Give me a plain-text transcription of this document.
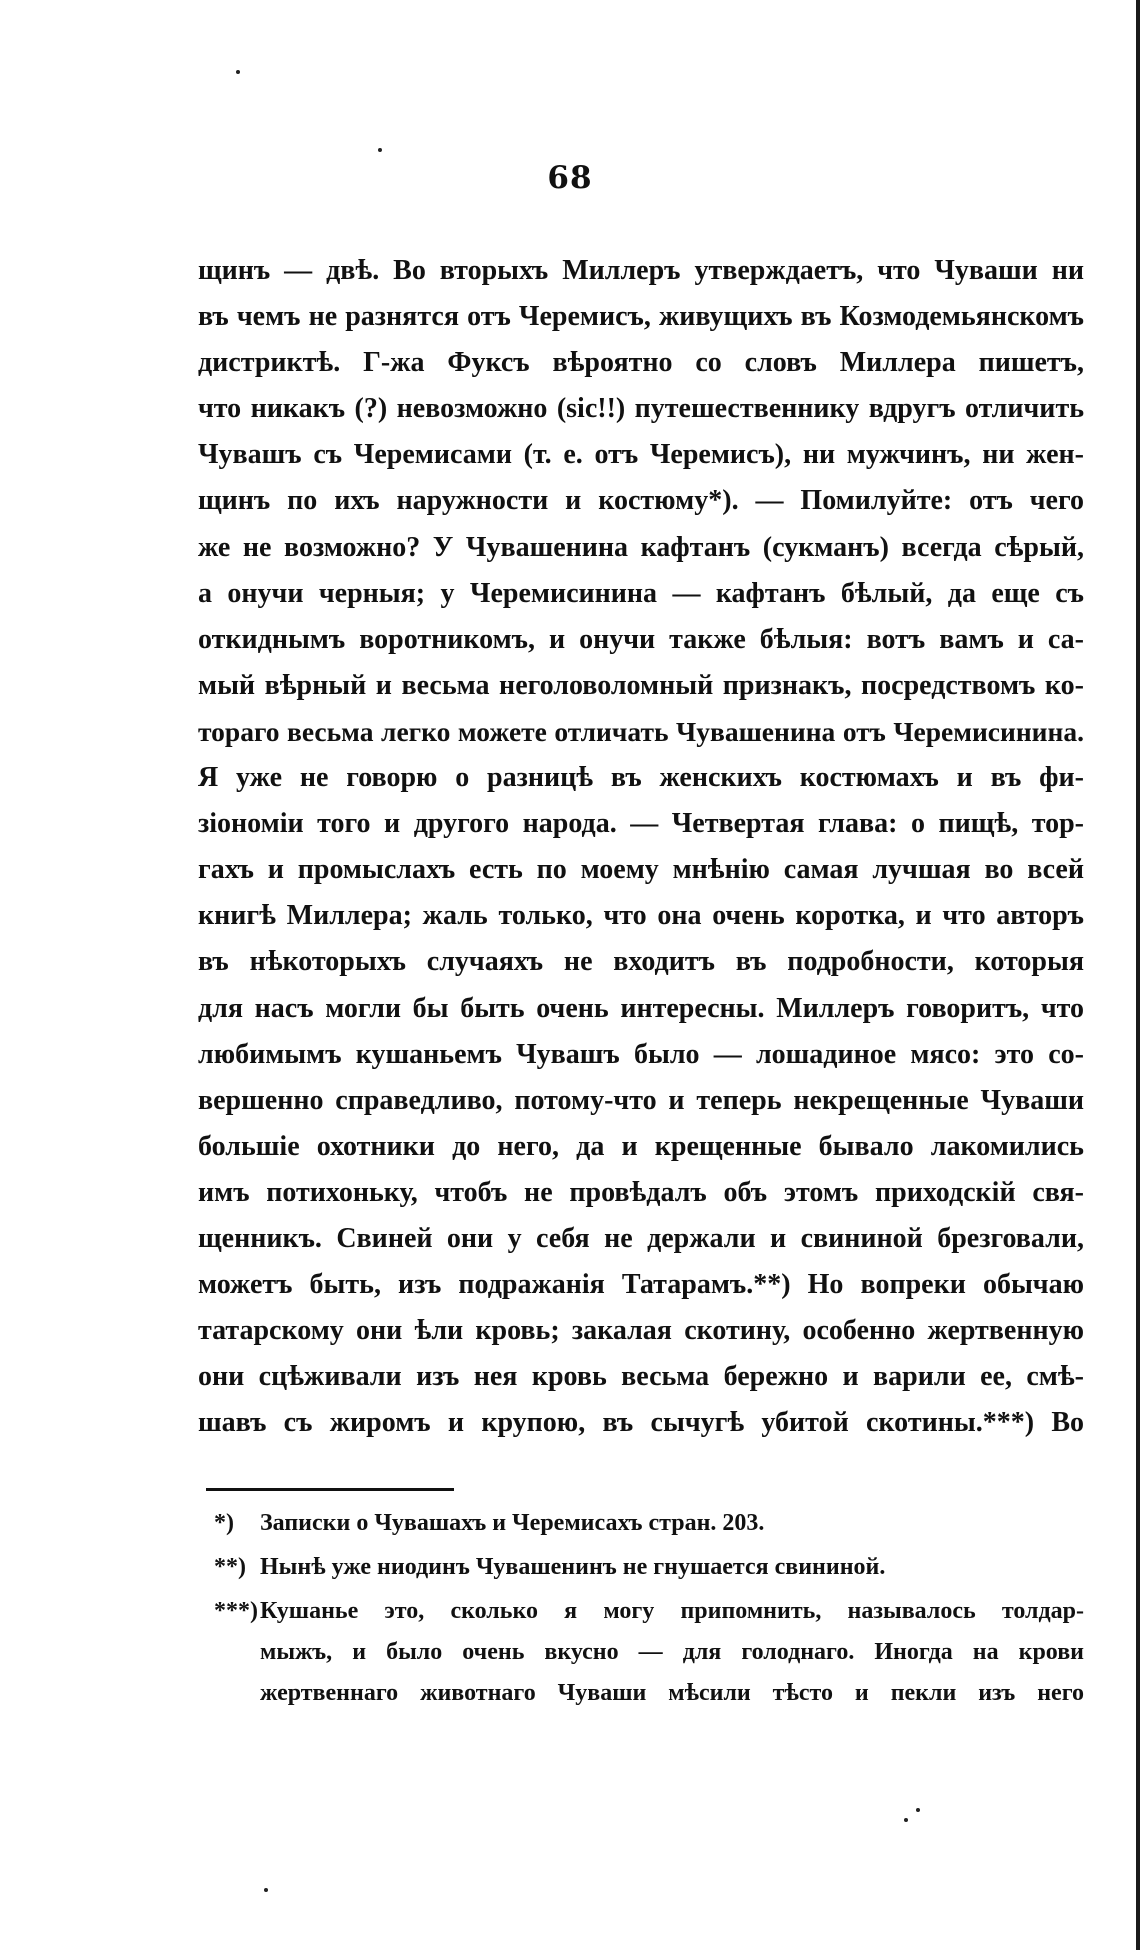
68
щинъ — двѣ. Во вторыхъ Миллеръ утверждаетъ, что Чуваши ни
въ чемъ не разнятся отъ Черемисъ, живущихъ въ Козмодемьянскомъ
дистриктѣ. Г-жа Фуксъ вѣроятно со словъ Миллера пишетъ,
что никакъ (?) невозможно (sic!!) путешественнику вдругъ отличить
Чувашъ съ Черемисами (т. е. отъ Черемисъ), ни мужчинъ, ни жен-
щинъ по ихъ наружности и костюму*). — Помилуйте: отъ чего
же не возможно? У Чувашенина кафтанъ (сукманъ) всегда сѣрый,
а онучи черныя; у Черемисинина — кафтанъ бѣлый, да еще съ
откиднымъ воротникомъ, и онучи также бѣлыя: вотъ вамъ и са-
мый вѣрный и весьма неголоволомный признакъ, посредствомъ ко-
тораго весьма легко можете отличать Чувашенина отъ Черемисинина.
Я уже не говорю о разницѣ въ женскихъ костюмахъ и въ фи-
зіономіи того и другого народа. — Четвертая глава: о пищѣ, тор-
гахъ и промыслахъ есть по моему мнѣнію самая лучшая во всей
книгѣ Миллера; жаль только, что она очень коротка, и что авторъ
въ нѣкоторыхъ случаяхъ не входитъ въ подробности, которыя
для насъ могли бы быть очень интересны. Миллеръ говоритъ, что
любимымъ кушаньемъ Чувашъ было — лошадиное мясо: это со-
вершенно справедливо, потому-что и теперь некрещенные Чуваши
большіе охотники до него, да и крещенные бывало лакомились
имъ потихоньку, чтобъ не провѣдалъ объ этомъ приходскій свя-
щенникъ. Свиней они у себя не держали и свининой брезговали,
можетъ быть, изъ подражанія Татарамъ.**) Но вопреки обычаю
татарскому они ѣли кровь; закалая скотину, особенно жертвенную
они сцѣживали изъ нея кровь весьма бережно и варили ее, смѣ-
шавъ съ жиромъ и крупою, въ сычугѣ убитой скотины.***) Во
*) Записки о Чувашахъ и Черемисахъ стран. 203.
**) Нынѣ уже ниодинъ Чувашенинъ не гнушается свининой.
***) Кушанье это, сколько я могу припомнить, называлось толдар-
мыжъ, и было очень вкусно — для голоднаго. Иногда на крови
жертвеннаго животнаго Чуваши мѣсили тѣсто и пекли изъ него
